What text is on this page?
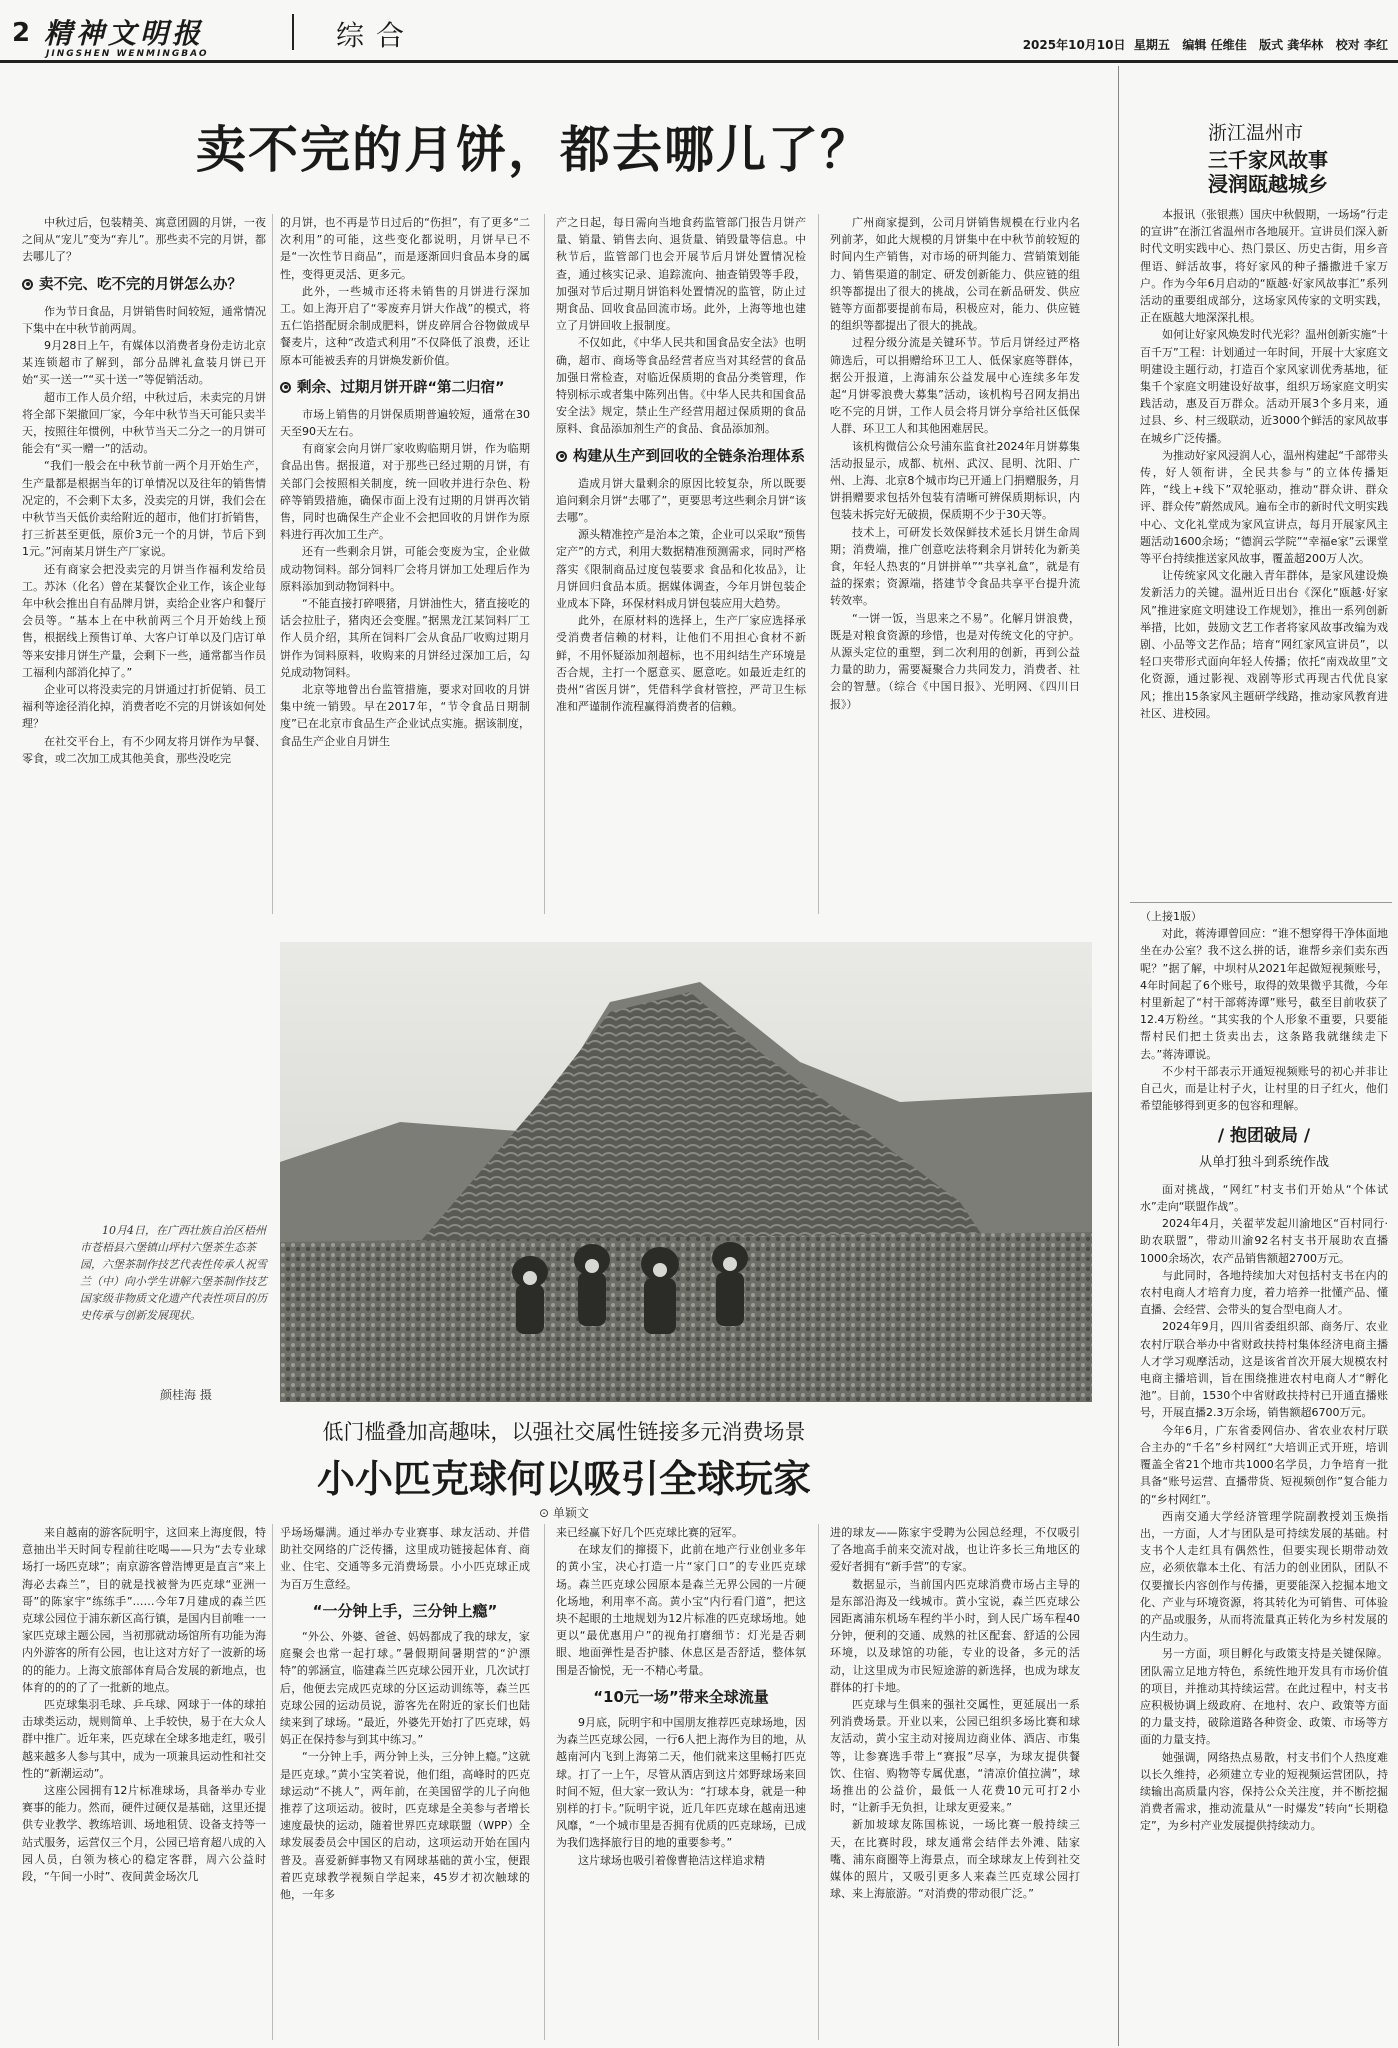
2 精神文明报
JINGSHEN WENMINGBAO
综合	2025年10月10日  星期五   编辑 任维佳   版式 龚华林   校对 李红
卖不完的月饼，都去哪儿了？

中秋过后，包装精美、寓意团圆的月饼，一夜之间从“宠儿”变为“弃儿”。那些卖不完的月饼，都去哪儿了？

卖不完、吃不完的月饼怎么办？

作为节日食品，月饼销售时间较短，通常情况下集中在中秋节前两周。

9月28日上午，有媒体以消费者身份走访北京某连锁超市了解到，部分品牌礼盒装月饼已开始“买一送一”“买十送一”等促销活动。

超市工作人员介绍，中秋过后，未卖完的月饼将全部下架撤回厂家，今年中秋节当天可能只卖半天，按照往年惯例，中秋节当天二分之一的月饼可能会有“买一赠一”的活动。

“我们一般会在中秋节前一两个月开始生产，生产量都是根据当年的订单情况以及往年的销售情况定的，不会剩下太多，没卖完的月饼，我们会在中秋节当天低价卖给附近的超市，他们打折销售，打三折甚至更低，原价3元一个的月饼，节后下到1元。”河南某月饼生产厂家说。

还有商家会把没卖完的月饼当作福利发给员工。苏沐（化名）曾在某餐饮企业工作，该企业每年中秋会推出自有品牌月饼，卖给企业客户和餐厅会员等。“基本上在中秋前两三个月开始线上预售，根据线上预售订单、大客户订单以及门店订单等来安排月饼生产量，会剩下一些，通常都当作员工福利内部消化掉了。”

企业可以将没卖完的月饼通过打折促销、员工福利等途径消化掉，消费者吃不完的月饼该如何处理？

在社交平台上，有不少网友将月饼作为早餐、零食，或二次加工成其他美食，那些没吃完

的月饼，也不再是节日过后的“伤担”，有了更多“二次利用”的可能，这些变化都说明，月饼早已不是“一次性节日商品”，而是逐渐回归食品本身的属性，变得更灵活、更多元。

此外，一些城市还将未销售的月饼进行深加工。如上海开启了“零废弃月饼大作战”的模式，将五仁馅搭配厨余制成肥料，饼皮碎屑合谷物做成早餐麦片，这种“改造式利用”不仅降低了浪费，还让原本可能被丢弃的月饼焕发新价值。

剩余、过期月饼开辟“第二归宿”

市场上销售的月饼保质期普遍较短，通常在30天至90天左右。

有商家会向月饼厂家收购临期月饼，作为临期食品出售。据报道，对于那些已经过期的月饼，有关部门会按照相关制度，统一回收并进行杂色、粉碎等销毁措施，确保市面上没有过期的月饼再次销售，同时也确保生产企业不会把回收的月饼作为原料进行再次加工生产。

还有一些剩余月饼，可能会变废为宝，企业做成动物饲料。部分饲料厂会将月饼加工处理后作为原料添加到动物饲料中。

“不能直接打碎喂猪，月饼油性大，猪直接吃的话会拉肚子，猪肉还会变腥。”据黑龙江某饲料厂工作人员介绍，其所在饲料厂会从食品厂收购过期月饼作为饲料原料，收购来的月饼经过深加工后，勾兑成动物饲料。

北京等地曾出台监管措施，要求对回收的月饼集中统一销毁。早在2017年，“节令食品日期制度”已在北京市食品生产企业试点实施。据该制度，食品生产企业自月饼生

产之日起，每日需向当地食药监管部门报告月饼产量、销量、销售去向、退货量、销毁量等信息。中秋节后，监管部门也会开展节后月饼处置情况检查，通过核实记录、追踪流向、抽查销毁等手段，加强对节后过期月饼馅料处置情况的监管，防止过期食品、回收食品回流市场。此外，上海等地也建立了月饼回收上报制度。

不仅如此，《中华人民共和国食品安全法》也明确，超市、商场等食品经营者应当对其经营的食品加强日常检查，对临近保质期的食品分类管理，作特别标示或者集中陈列出售。《中华人民共和国食品安全法》规定，禁止生产经营用超过保质期的食品原料、食品添加剂生产的食品、食品添加剂。

构建从生产到回收的全链条治理体系

造成月饼大量剩余的原因比较复杂，所以既要追问剩余月饼“去哪了”，更要思考这些剩余月饼“该去哪”。

源头精准控产是治本之策，企业可以采取“预售定产”的方式，利用大数据精准预测需求，同时严格落实《限制商品过度包装要求 食品和化妆品》，让月饼回归食品本质。据媒体调查，今年月饼包装企业成本下降，环保材料成月饼包装应用大趋势。

此外，在原材料的选择上，生产厂家应选择承受消费者信赖的材料，让他们不用担心食材不新鲜，不用怀疑添加剂超标，也不用纠结生产环境是否合规，主打一个愿意买、愿意吃。如最近走红的贵州“省医月饼”，凭借科学食材管控，严苛卫生标准和严谨制作流程赢得消费者的信赖。

广州商家提到，公司月饼销售规模在行业内名列前茅，如此大规模的月饼集中在中秋节前较短的时间内生产销售，对市场的研判能力、营销策划能力、销售渠道的制定、研发创新能力、供应链的组织等都提出了很大的挑战，公司在新品研发、供应链等方面都要提前布局，积极应对，能力、供应链的组织等都提出了很大的挑战。

过程分级分流是关键环节。节后月饼经过严格筛选后，可以捐赠给环卫工人、低保家庭等群体，据公开报道，上海浦东公益发展中心连续多年发起“月饼零浪费大募集”活动，该机构号召网友捐出吃不完的月饼，工作人员会将月饼分享给社区低保人群、环卫工人和其他困难居民。

该机构微信公众号浦东监食社2024年月饼募集活动报显示，成都、杭州、武汉、昆明、沈阳、广州、上海、北京8个城市均已开通上门捐赠服务，月饼捐赠要求包括外包装有清晰可辨保质期标识，内包装未拆完好无破损，保质期不少于30天等。

技术上，可研发长效保鲜技术延长月饼生命周期；消费端，推广创意吃法将剩余月饼转化为新美食，年轻人热衷的“月饼拼单”“共享礼盒”，就是有益的探索；资源端，搭建节令食品共享平台提升流转效率。

“一饼一饭，当思来之不易”。化解月饼浪费，既是对粮食资源的珍惜，也是对传统文化的守护。从源头定位的重塑，到二次利用的创新，再到公益力量的助力，需要凝聚合力共同发力，消费者、社会的智慧。（综合《中国日报》、光明网、《四川日报》）

浙江温州市
三千家风故事
浸润瓯越城乡

本报讯（张银燕）国庆中秋假期，一场场“行走的宣讲”在浙江省温州市各地展开。宣讲员们深入新时代文明实践中心、热门景区、历史古街，用乡音俚语、鲜活故事，将好家风的种子播撒进千家万户。作为今年6月启动的“瓯越·好家风故事汇”系列活动的重要组成部分，这场家风传家的文明实践，正在瓯越大地深深扎根。

如何让好家风焕发时代光彩？温州创新实施“十百千万”工程：计划通过一年时间，开展十大家庭文明建设主题行动，打造百个家风家训优秀基地，征集千个家庭文明建设好故事，组织万场家庭文明实践活动，惠及百万群众。活动开展3个多月来，通过县、乡、村三级联动，近3000个鲜活的家风故事在城乡广泛传播。

为推动好家风浸润人心，温州构建起“千部带头传，好人领衔讲，全民共参与”的立体传播矩阵，“线上+线下”双轮驱动，推动“群众讲、群众评、群众传”蔚然成风。遍布全市的新时代文明实践中心、文化礼堂成为家风宣讲点，每月开展家风主题活动1600余场；“德润云学院”“幸福e家”云课堂等平台持续推送家风故事，覆盖超200万人次。

让传统家风文化融入青年群体，是家风建设焕发新活力的关键。温州近日出台《深化“瓯越·好家风”推进家庭文明建设工作规划》，推出一系列创新举措，比如，鼓励文艺工作者将家风故事改编为戏剧、小品等文艺作品；培育“网红家风宣讲员”，以轻口夹带形式面向年轻人传播；依托“南戏故里”文化资源，通过影视、戏剧等形式再现古代优良家风；推出15条家风主题研学线路，推动家风教育进社区、进校园。

（上接1版）

对此，蒋涛谭曾回应：“谁不想穿得干净体面地坐在办公室？我不这么拼的话，谁帮乡亲们卖东西呢？”据了解，中坝村从2021年起做短视频账号，4年时间起了6个账号，取得的效果微乎其微，今年村里新起了“村干部蒋涛谭”账号，截至目前收获了12.4万粉丝。“其实我的个人形象不重要，只要能帮村民们把土货卖出去，这条路我就继续走下去。”蒋涛谭说。

不少村干部表示开通短视频账号的初心并非让自己火，而是让村子火，让村里的日子红火，他们希望能够得到更多的包容和理解。

/ 抱团破局 /
从单打独斗到系统作战

面对挑战，“网红”村支书们开始从“个体试水”走向“联盟作战”。

2024年4月，关翟苹发起川渝地区“百村同行·助农联盟”，带动川渝92名村支书开展助农直播1000余场次，农产品销售额超2700万元。

与此同时，各地持续加大对包括村支书在内的农村电商人才培育力度，着力培养一批懂产品、懂直播、会经营、会带头的复合型电商人才。

2024年9月，四川省委组织部、商务厅、农业农村厅联合举办中省财政扶持村集体经济电商主播人才学习观摩活动，这是该省首次开展大规模农村电商主播培训，旨在围绕推进农村电商人才“孵化池”。目前，1530个中省财政扶持村已开通直播账号，开展直播2.3万余场，销售额超6700万元。

今年6月，广东省委网信办、省农业农村厅联合主办的“千名”乡村网红“大培训正式开班，培训覆盖全省21个地市共1000名学员，力争培育一批具备“账号运营、直播带货、短视频创作”复合能力的“乡村网红”。

西南交通大学经济管理学院副教授刘玉焕指出，一方面，人才与团队是可持续发展的基础。村支书个人走红具有偶然性，但要实现长期带动效应，必须依靠本土化、有活力的创业团队，团队不仅要擅长内容创作与传播，更要能深入挖掘本地文化、产业与环境资源，将其转化为可销售、可体验的产品或服务，从而将流量真正转化为乡村发展的内生动力。

另一方面，项目孵化与政策支持是关键保障。团队需立足地方特色，系统性地开发具有市场价值的项目，并推动其持续运营。在此过程中，村支书应积极协调上级政府、在地村、农户、政策等方面的力量支持，破除道路各种资金、政策、市场等方面的力量支持。

她强调，网络热点易散，村支书们个人热度难以长久维持，必须建立专业的短视频运营团队，持续输出高质量内容，保持公众关注度，并不断挖掘消费者需求，推动流量从“一时爆发”转向“长期稳定”，为乡村产业发展提供持续动力。

10月4日，在广西壮族自治区梧州市苍梧县六堡镇山坪村六堡茶生态茶园，六堡茶制作技艺代表性传承人祝雪兰（中）向小学生讲解六堡茶制作技艺国家级非物质文化遗产代表性项目的历史传承与创新发展现状。
颜桂海 摄
低门槛叠加高趣味，以强社交属性链接多元消费场景
小小匹克球何以吸引全球玩家
⊙ 单颖文

来自越南的游客阮明宇，这回来上海度假，特意抽出半天时间专程前往吃喝——只为“去专业球场打一场匹克球”；南京游客曾浩博更是直言“来上海必去森兰”，目的就是找被誉为匹克球“亚洲一哥”的陈家宇“练练手”……今年7月建成的森兰匹克球公园位于浦东新区高行镇，是国内目前唯一一家匹克球主题公园，当初那就动场馆所有功能为海内外游客的所有公园，也让这对方好了一波新的场的的能力。上海文旅部体育局合发展的新地点，也体育的的的了了一批新的地点。

匹克球集羽毛球、乒乓球、网球于一体的球拍击球类运动，规则简单、上手较快，易于在大众人群中推广。近年来，匹克球在全球多地走红，吸引越来越多人参与其中，成为一项兼具运动性和社交性的“新潮运动”。

这座公园拥有12片标准球场，具备举办专业赛事的能力。然而，硬件过硬仅是基础，这里还提供专业教学、教练培训、场地租赁、设备支持等一站式服务，运营仅三个月，公园已培育超八成的入园人员，白领为核心的稳定客群，周六公益时段，“午间一小时”、夜间黄金场次几

乎场场爆满。通过举办专业赛事、球友活动、并借助社交网络的广泛传播，这里成功链接起体育、商业、住宅、交通等多元消费场景。小小匹克球正成为百万生意经。

“一分钟上手，三分钟上瘾”

“外公、外婆、爸爸、妈妈都成了我的球友，家庭聚会也常一起打球。”暑假期间暑期营的“沪漂特”的郭涵宣，临建森兰匹克球公园开业，几次试打后，他便去完成匹克球的分区运动训练等，森兰匹克球公园的运动员说，游客先在附近的家长们也陆续来到了球场。“最近，外婆先开始打了匹克球，妈妈正在保持参与到其中练习。”

“一分钟上手，两分钟上头，三分钟上瘾。”这就是匹克球。”黄小宝笑着说，他们组，高峰时的匹克球运动“不挑人”，两年前，在美国留学的儿子向他推荐了这项运动。彼时，匹克球是全美参与者增长速度最快的运动，随着世界匹克球联盟（WPP）全球发展委员会中国区的启动，这项运动开始在国内普及。喜爱新鲜事物又有网球基础的黄小宝，便跟着匹克球教学视频自学起来，45岁才初次触球的他，一年多

来已经赢下好几个匹克球比赛的冠军。

在球友们的撺掇下，此前在地产行业创业多年的黄小宝，决心打造一片“家门口”的专业匹克球场。森兰匹克球公园原本是森兰无界公园的一片硬化场地，利用率不高。黄小宝“内行看门道”，把这块不起眼的土地规划为12片标准的匹克球场地。她更以“最优惠用户”的视角打磨细节：灯光是否刺眼、地面弹性是否护膝、休息区是否舒适，整体氛围是否愉悦，无一不精心考量。

“10元一场”带来全球流量

9月底，阮明宇和中国朋友推荐匹克球场地，因为森兰匹克球公园，一行6人把上海作为目的地，从越南河内飞到上海第二天，他们就来这里畅打匹克球。打了一上午，尽管从酒店到这片郊野球场来回时间不短，但大家一致认为：“打球本身，就是一种别样的打卡。”阮明宇说，近几年匹克球在越南迅速风靡，“一个城市里是否拥有优质的匹克球场，已成为我们选择旅行目的地的重要参考。”

这片球场也吸引着像曹艳洁这样追求精

进的球友——陈家宇受聘为公园总经理，不仅吸引了各地高手前来交流对战，也让许多长三角地区的爱好者拥有“新手营”的专家。

数据显示，当前国内匹克球消费市场占主导的是东部沿海及一线城市。黄小宝说，森兰匹克球公园距离浦东机场车程约半小时，到人民广场车程40分钟，便利的交通、成熟的社区配套、舒适的公园环境，以及球馆的功能，专业的设备，多元的活动，让这里成为市民短途游的新选择，也成为球友群体的打卡地。

匹克球与生俱来的强社交属性，更延展出一系列消费场景。开业以来，公园已组织多场比赛和球友活动，黄小宝主动对接周边商业体、酒店、市集等，让参赛选手带上“赛报”尽享，为球友提供餐饮、住宿、购物等专属优惠，“清凉价值拉满”，球场推出的公益价，最低一人花费10元可打2小时，“让新手无负担，让球友更爱来。”

新加坡球友陈国栋说，一场比赛一般持续三天，在比赛时段，球友通常会结伴去外滩、陆家嘴、浦东商圈等上海景点，而全球球友上传到社交媒体的照片，又吸引更多人来森兰匹克球公园打球、来上海旅游。“对消费的带动很广泛。”
